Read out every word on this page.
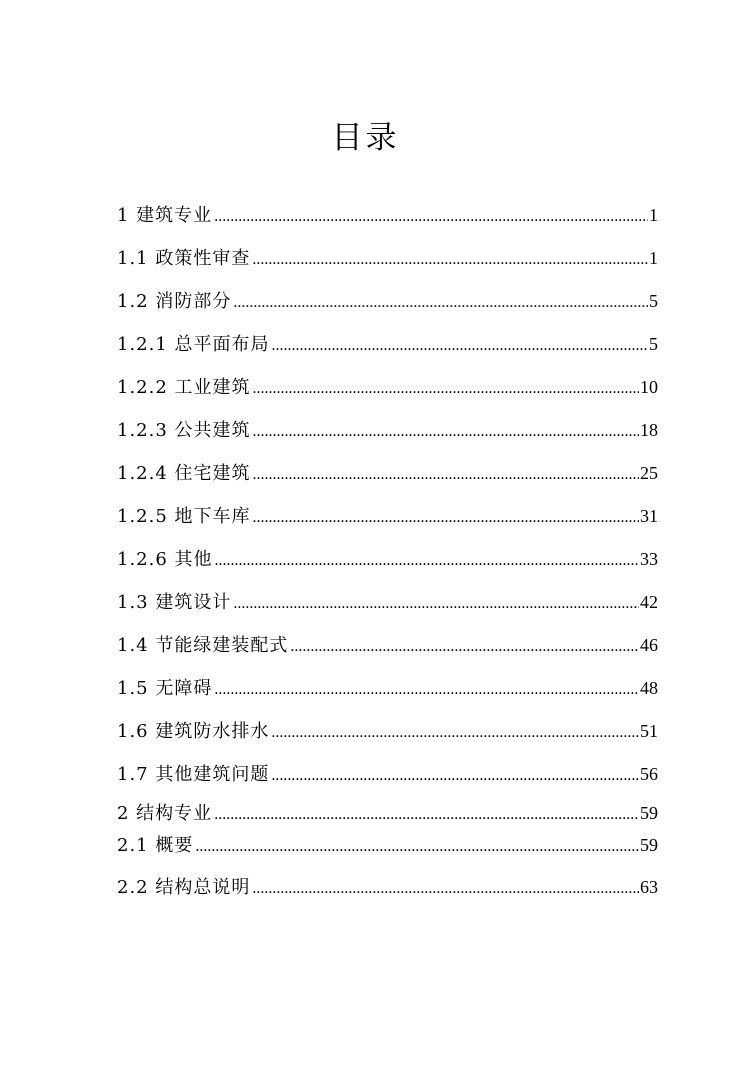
目录
1 建筑专业 .....	1
1.1 政策性审查 .....	1
1.2 消防部分 .....	5
1.2.1 总平面布局 .....	5
1.2.2 工业建筑 .....	10
1.2.3 公共建筑 .....	18
1.2.4 住宅建筑 .....	25
1.2.5 地下车库 .....	31
1.2.6 其他 .....	33
1.3 建筑设计 .....	42
1.4 节能绿建装配式 .....	46
1.5 无障碍 .....	48
1.6 建筑防水排水 .....	51
1.7 其他建筑问题 .....	56
2 结构专业 .....	59
2.1 概要 .....	59
2.2 结构总说明 .....	63
